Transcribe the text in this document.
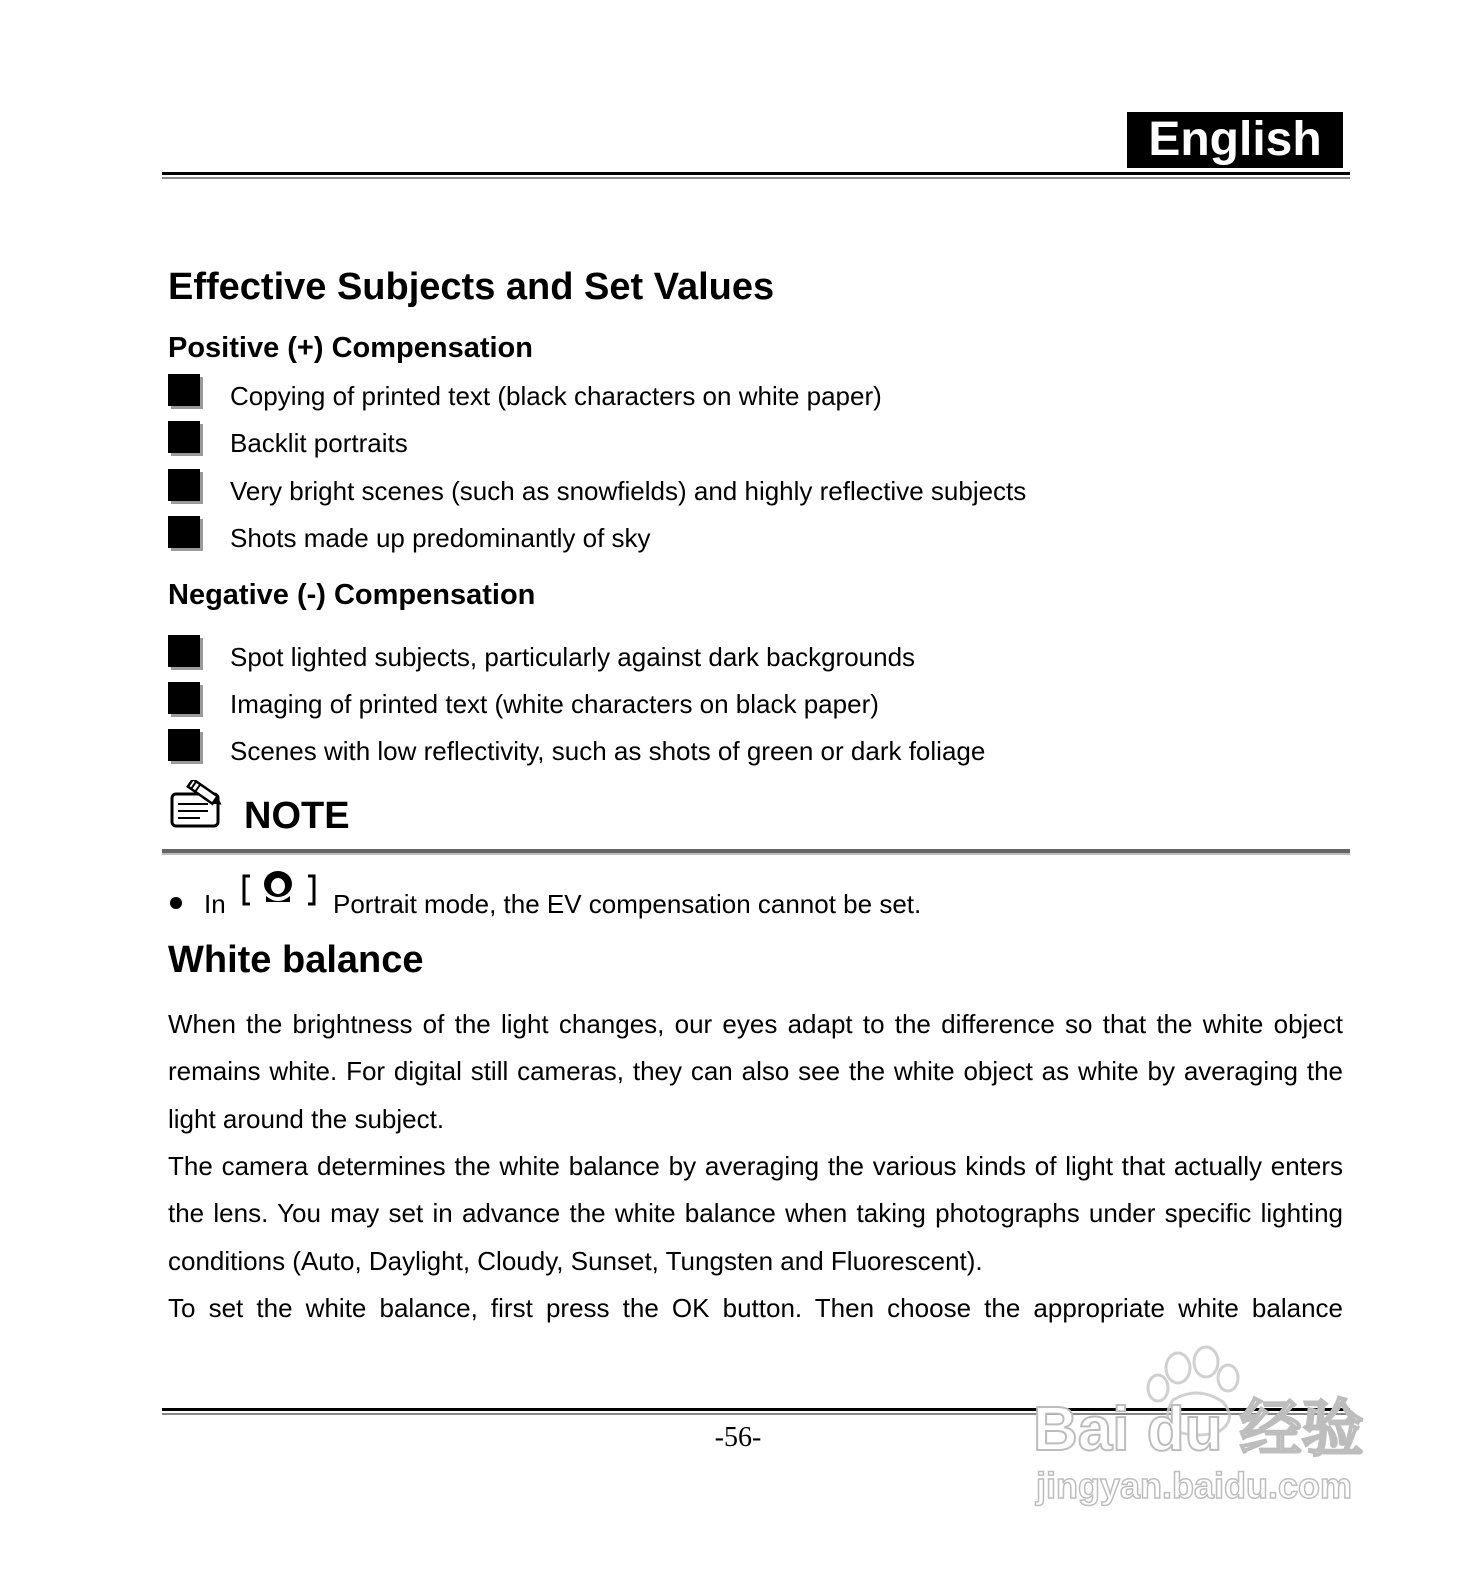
English
Effective Subjects and Set Values
Positive (+) Compensation
Copying of printed text (black characters on white paper)
Backlit portraits
Very bright scenes (such as snowfields) and highly reflective subjects
Shots made up predominantly of sky
Negative (-) Compensation
Spot lighted subjects, particularly against dark backgrounds
Imaging of printed text (white characters on black paper)
Scenes with low reflectivity, such as shots of green or dark foliage
NOTE
In	Portrait mode, the EV compensation cannot be set.
White balance
When the brightness of the light changes, our eyes adapt to the difference so that the white object remains white. For digital still cameras, they can also see the white object as white by averaging the light around the subject.
The camera determines the white balance by averaging the various kinds of light that actually enters the lens. You may set in advance the white balance when taking photographs under specific lighting conditions (Auto, Daylight, Cloudy, Sunset, Tungsten and Fluorescent).
To set the white balance, first press the OK button. Then choose the appropriate white balance
-56-	Bai du 经验
jingyan.baidu.com
